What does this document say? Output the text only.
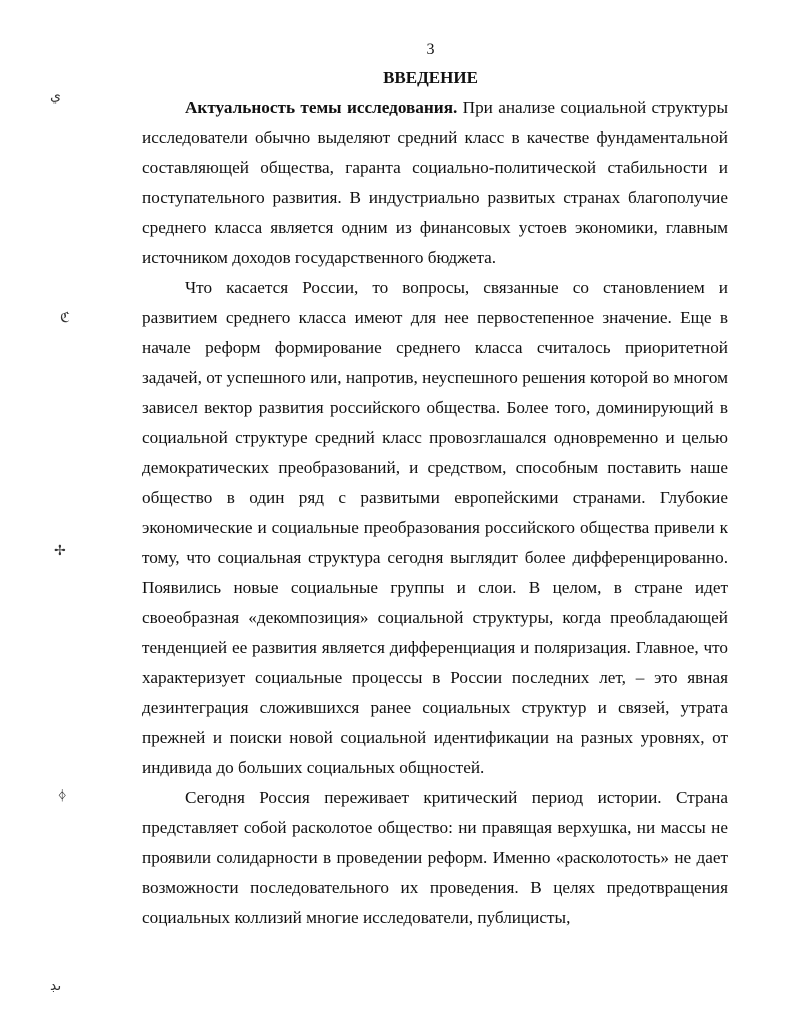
3
ВВЕДЕНИЕ

Актуальность темы исследования. При анализе социальной структуры исследователи обычно выделяют средний класс в качестве фундаментальной составляющей общества, гаранта социально-политической стабильности и поступательного развития. В индустриально развитых странах благополучие среднего класса является одним из финансовых устоев экономики, главным источником доходов государственного бюджета.

Что касается России, то вопросы, связанные со становлением и развитием среднего класса имеют для нее первостепенное значение. Еще в начале реформ формирование среднего класса считалось приоритетной задачей, от успешного или, напротив, неуспешного решения которой во многом зависел вектор развития российского общества. Более того, доминирующий в социальной структуре средний класс провозглашался одновременно и целью демократических преобразований, и средством, способным поставить наше общество в один ряд с развитыми европейскими странами. Глубокие экономические и социальные преобразования российского общества привели к тому, что социальная структура сегодня выглядит более дифференцированно. Появились новые социальные группы и слои. В целом, в стране идет своеобразная «декомпозиция» социальной структуры, когда преобладающей тенденцией ее развития является дифференциация и поляризация. Главное, что характеризует социальные процессы в России последних лет, – это явная дезинтеграция сложившихся ранее социальных структур и связей, утрата прежней и поиски новой социальной идентификации на разных уровнях, от индивида до больших социальных общностей.

Сегодня Россия переживает критический период истории. Страна представляет собой расколотое общество: ни правящая верхушка, ни массы не проявили солидарности в проведении реформ. Именно «расколотость» не дает возможности последовательного их проведения. В целях предотвращения социальных коллизий многие исследователи, публицисты,

ي
ℭ
✢
ᛄ
ىڊ
